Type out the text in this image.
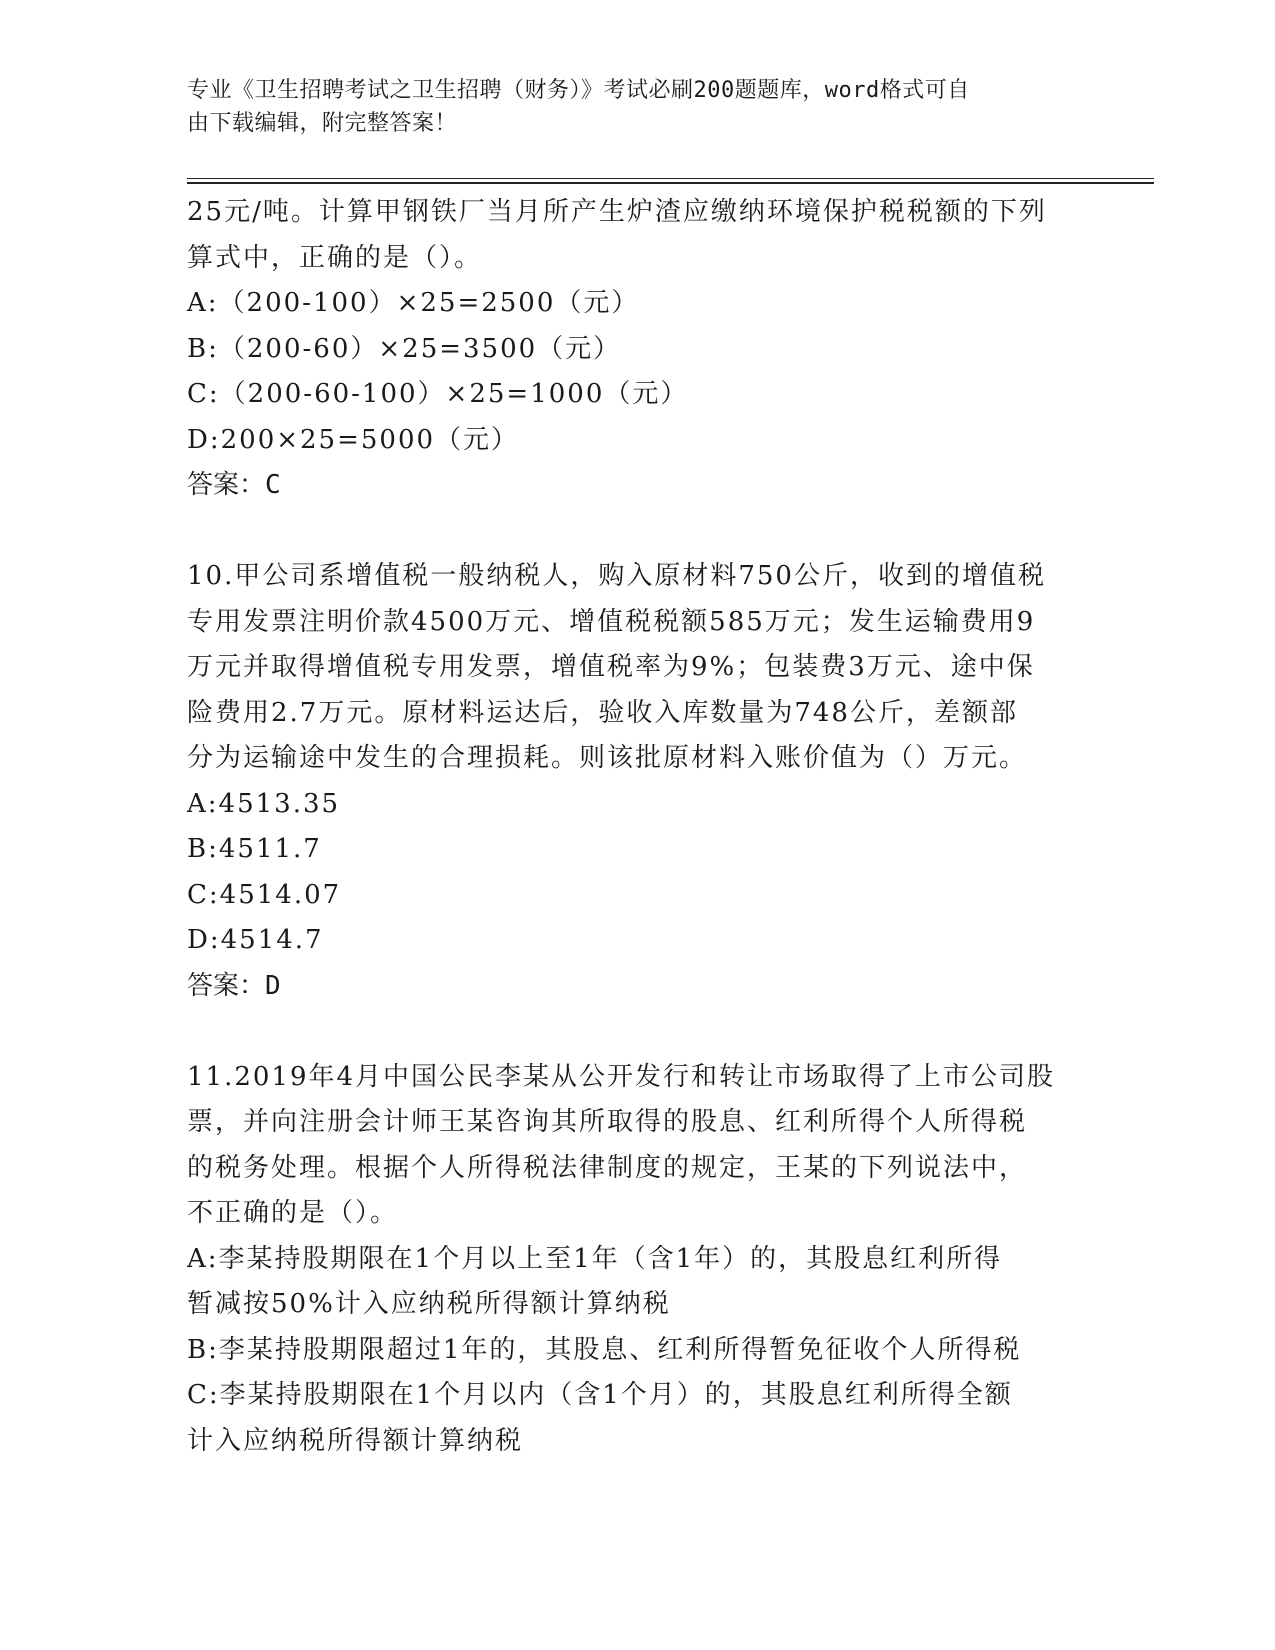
专业《卫生招聘考试之卫生招聘（财务）》考试必刷200题题库，word格式可自
由下载编辑，附完整答案！
25元/吨。计算甲钢铁厂当月所产生炉渣应缴纳环境保护税税额的下列
算式中，正确的是（）。
A:（200-100）×25=2500（元）
B:（200-60）×25=3500（元）
C:（200-60-100）×25=1000（元）
D:200×25=5000（元）
答案：C
10.甲公司系增值税一般纳税人，购入原材料750公斤，收到的增值税
专用发票注明价款4500万元、增值税税额585万元；发生运输费用9
万元并取得增值税专用发票，增值税率为9%；包装费3万元、途中保
险费用2.7万元。原材料运达后，验收入库数量为748公斤，差额部
分为运输途中发生的合理损耗。则该批原材料入账价值为（）万元。
A:4513.35
B:4511.7
C:4514.07
D:4514.7
答案：D
11.2019年4月中国公民李某从公开发行和转让市场取得了上市公司股
票，并向注册会计师王某咨询其所取得的股息、红利所得个人所得税
的税务处理。根据个人所得税法律制度的规定，王某的下列说法中，
不正确的是（）。
A:李某持股期限在1个月以上至1年（含1年）的，其股息红利所得
暂减按50%计入应纳税所得额计算纳税
B:李某持股期限超过1年的，其股息、红利所得暂免征收个人所得税
C:李某持股期限在1个月以内（含1个月）的，其股息红利所得全额
计入应纳税所得额计算纳税
